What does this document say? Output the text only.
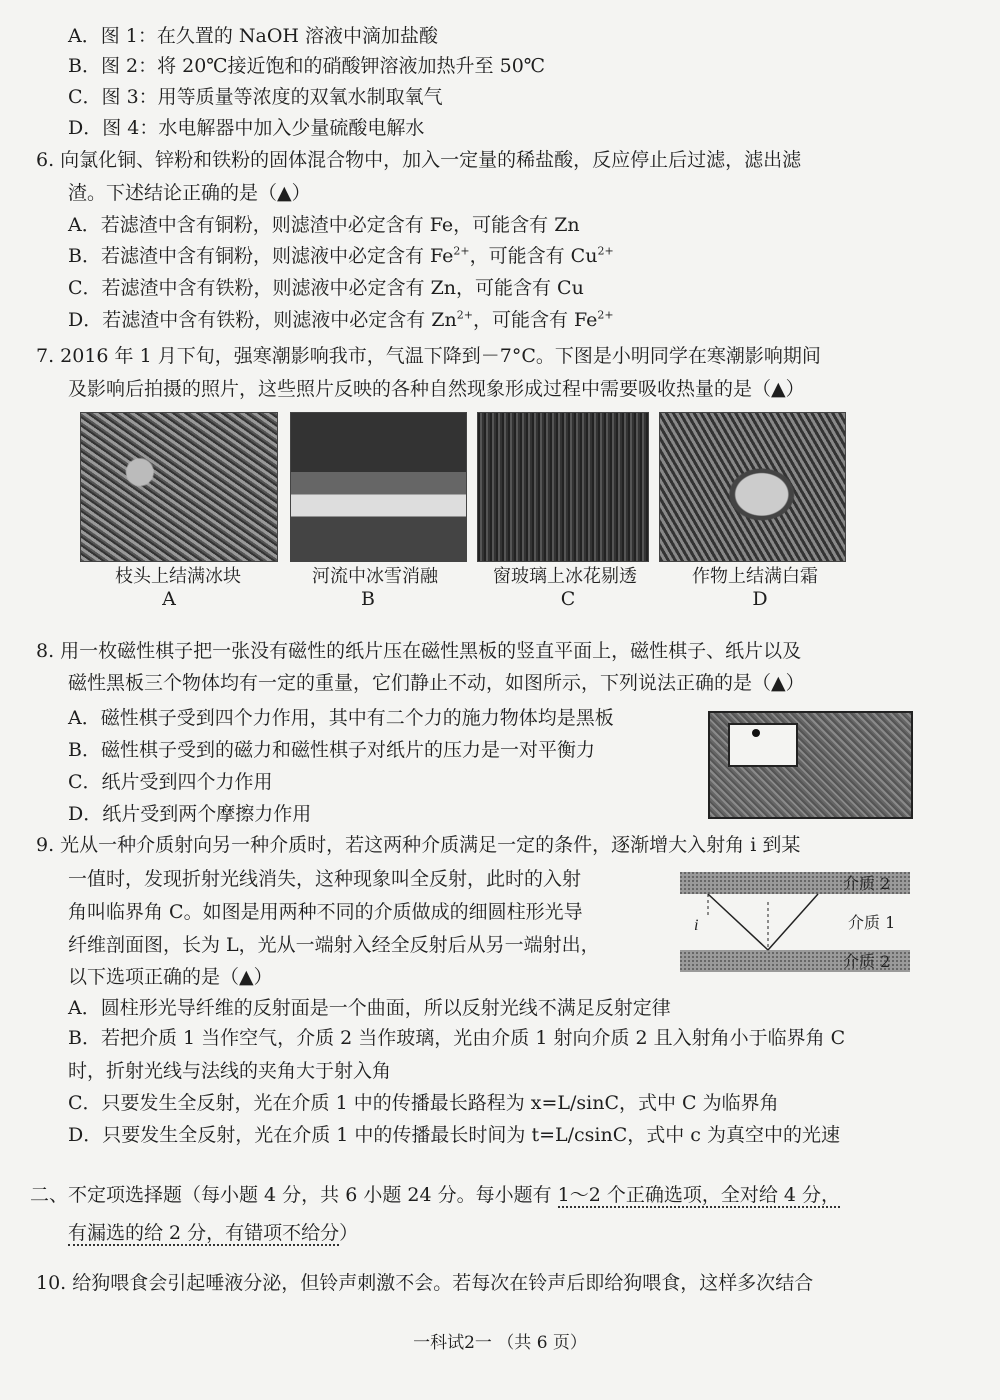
A．图 1：在久置的 NaOH 溶液中滴加盐酸
B．图 2：将 20℃接近饱和的硝酸钾溶液加热升至 50℃
C．图 3：用等质量等浓度的双氧水制取氧气
D．图 4：水电解器中加入少量硫酸电解水
6. 向氯化铜、锌粉和铁粉的固体混合物中，加入一定量的稀盐酸，反应停止后过滤，滤出滤
渣。下述结论正确的是（▲）
A．若滤渣中含有铜粉，则滤渣中必定含有 Fe，可能含有 Zn
B．若滤渣中含有铜粉，则滤液中必定含有 $Fe^{2+}$，可能含有 $Cu^{2+}$
C．若滤渣中含有铁粉，则滤液中必定含有 Zn，可能含有 Cu
D．若滤渣中含有铁粉，则滤液中必定含有 $Zn^{2+}$，可能含有 $Fe^{2+}$
7. 2016 年 1 月下旬，强寒潮影响我市，气温下降到－7°C。下图是小明同学在寒潮影响期间
及影响后拍摄的照片，这些照片反映的各种自然现象形成过程中需要吸收热量的是（▲）
枝头上结满冰块	河流中冰雪消融	窗玻璃上冰花剔透	作物上结满白霜
A	B	C	D
8. 用一枚磁性棋子把一张没有磁性的纸片压在磁性黑板的竖直平面上，磁性棋子、纸片以及
磁性黑板三个物体均有一定的重量，它们静止不动，如图所示，下列说法正确的是（▲）
A．磁性棋子受到四个力作用，其中有二个力的施力物体均是黑板
B．磁性棋子受到的磁力和磁性棋子对纸片的压力是一对平衡力
C．纸片受到四个力作用
D．纸片受到两个摩擦力作用
9. 光从一种介质射向另一种介质时，若这两种介质满足一定的条件，逐渐增大入射角 i 到某
一值时，发现折射光线消失，这种现象叫全反射，此时的入射
角叫临界角 C。如图是用两种不同的介质做成的细圆柱形光导
纤维剖面图，长为 L，光从一端射入经全反射后从另一端射出，
以下选项正确的是（▲）
i
介质 2
介质 1
介质 2
A．圆柱形光导纤维的反射面是一个曲面，所以反射光线不满足反射定律
B．若把介质 1 当作空气，介质 2 当作玻璃，光由介质 1 射向介质 2 且入射角小于临界角 C
时，折射光线与法线的夹角大于射入角
C．只要发生全反射，光在介质 1 中的传播最长路程为 x=L/sinC，式中 C 为临界角
D．只要发生全反射，光在介质 1 中的传播最长时间为 t=L/csinC，式中 c 为真空中的光速
二、不定项选择题（每小题 4 分，共 6 小题 24 分。每小题有 1～2 个正确选项，全对给 4 分，
有漏选的给 2 分，有错项不给分）
10. 给狗喂食会引起唾液分泌，但铃声刺激不会。若每次在铃声后即给狗喂食，这样多次结合
一科试2一 （共 6 页）
